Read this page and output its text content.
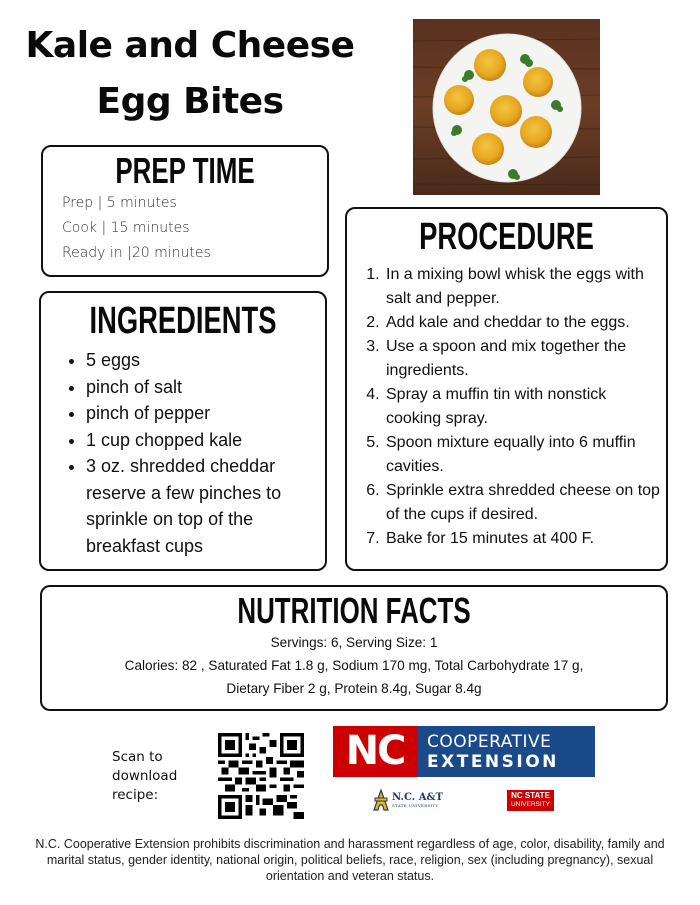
Kale and Cheese
Egg Bites
PREP TIME
Prep | 5 minutes
Cook | 15 minutes
Ready in |20 minutes
INGREDIENTS
• 5 eggs
• pinch of salt
• pinch of pepper
• 1 cup chopped kale
• 3 oz. shredded cheddar reserve a few pinches to sprinkle on top of the breakfast cups
PROCEDURE
1. In a mixing bowl whisk the eggs with salt and pepper.
2. Add kale and cheddar to the eggs.
3. Use a spoon and mix together the ingredients.
4. Spray a muffin tin with nonstick cooking spray.
5. Spoon mixture equally into 6 muffin cavities.
6. Sprinkle extra shredded cheese on top of the cups if desired.
7. Bake for 15 minutes at 400 F.
NUTRITION FACTS
Servings: 6, Serving Size: 1
Calories: 82 , Saturated Fat 1.8 g, Sodium 170 mg, Total Carbohydrate 17 g,
Dietary Fiber 2 g, Protein 8.4g, Sugar 8.4g
Scan to
download
recipe:
NC	COOPERATIVE
EXTENSION
N.C. A&T
STATE UNIVERSITY
NC STATE
UNIVERSITY
N.C. Cooperative Extension prohibits discrimination and harassment regardless of age, color, disability, family and marital status, gender identity, national origin, political beliefs, race, religion, sex (including pregnancy), sexual orientation and veteran status.
